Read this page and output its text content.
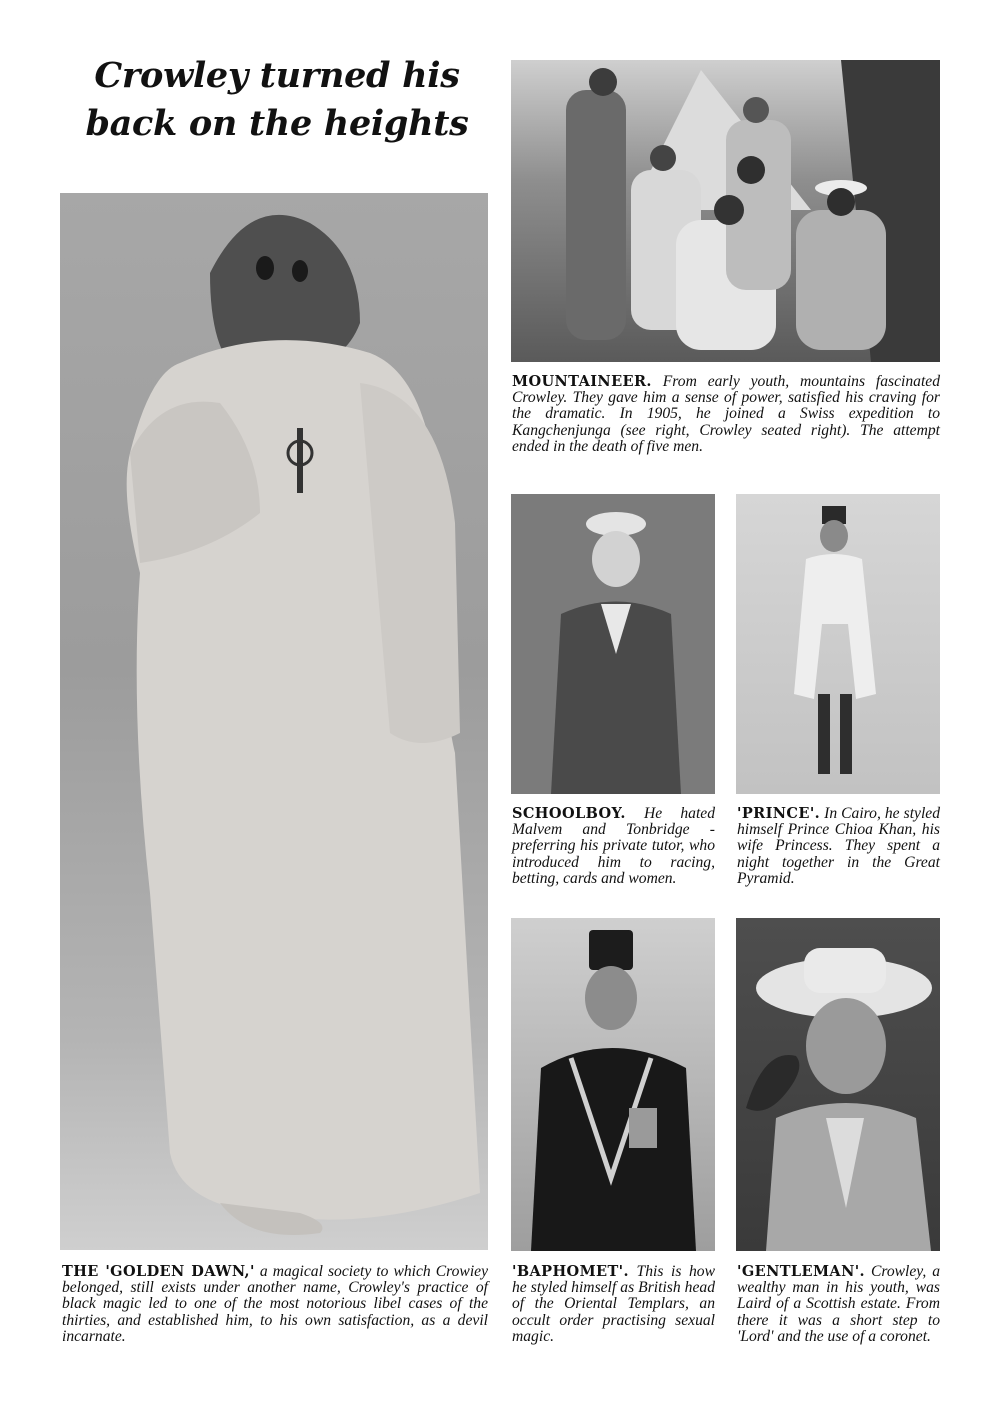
Crowley turned his
back on the heights
MOUNTAINEER. From early youth, mountains fascinated Crowley. They gave him a sense of power, satisfied his craving for the dramatic. In 1905, he joined a Swiss expedition to Kangchenjunga (see right, Crowley seated right). The attempt ended in the death of five men.
SCHOOLBOY. He hated Malvem and Tonbridge - preferring his private tutor, who introduced him to racing, betting, cards and women.
'PRINCE'. In Cairo, he styled himself Prince Chioa Khan, his wife Princess. They spent a night together in the Great Pyramid.
THE 'GOLDEN DAWN,' a magical society to which Crowiey belonged, still exists under another name, Crowley's practice of black magic led to one of the most notorious libel cases of the thirties, and established him, to his own satisfaction, as a devil incarnate.
'BAPHOMET'. This is how he styled himself as British head of the Oriental Templars, an occult order practising sexual magic.
'GENTLEMAN'. Crowley, a wealthy man in his youth, was Laird of a Scottish estate. From there it was a short step to 'Lord' and the use of a coronet.
